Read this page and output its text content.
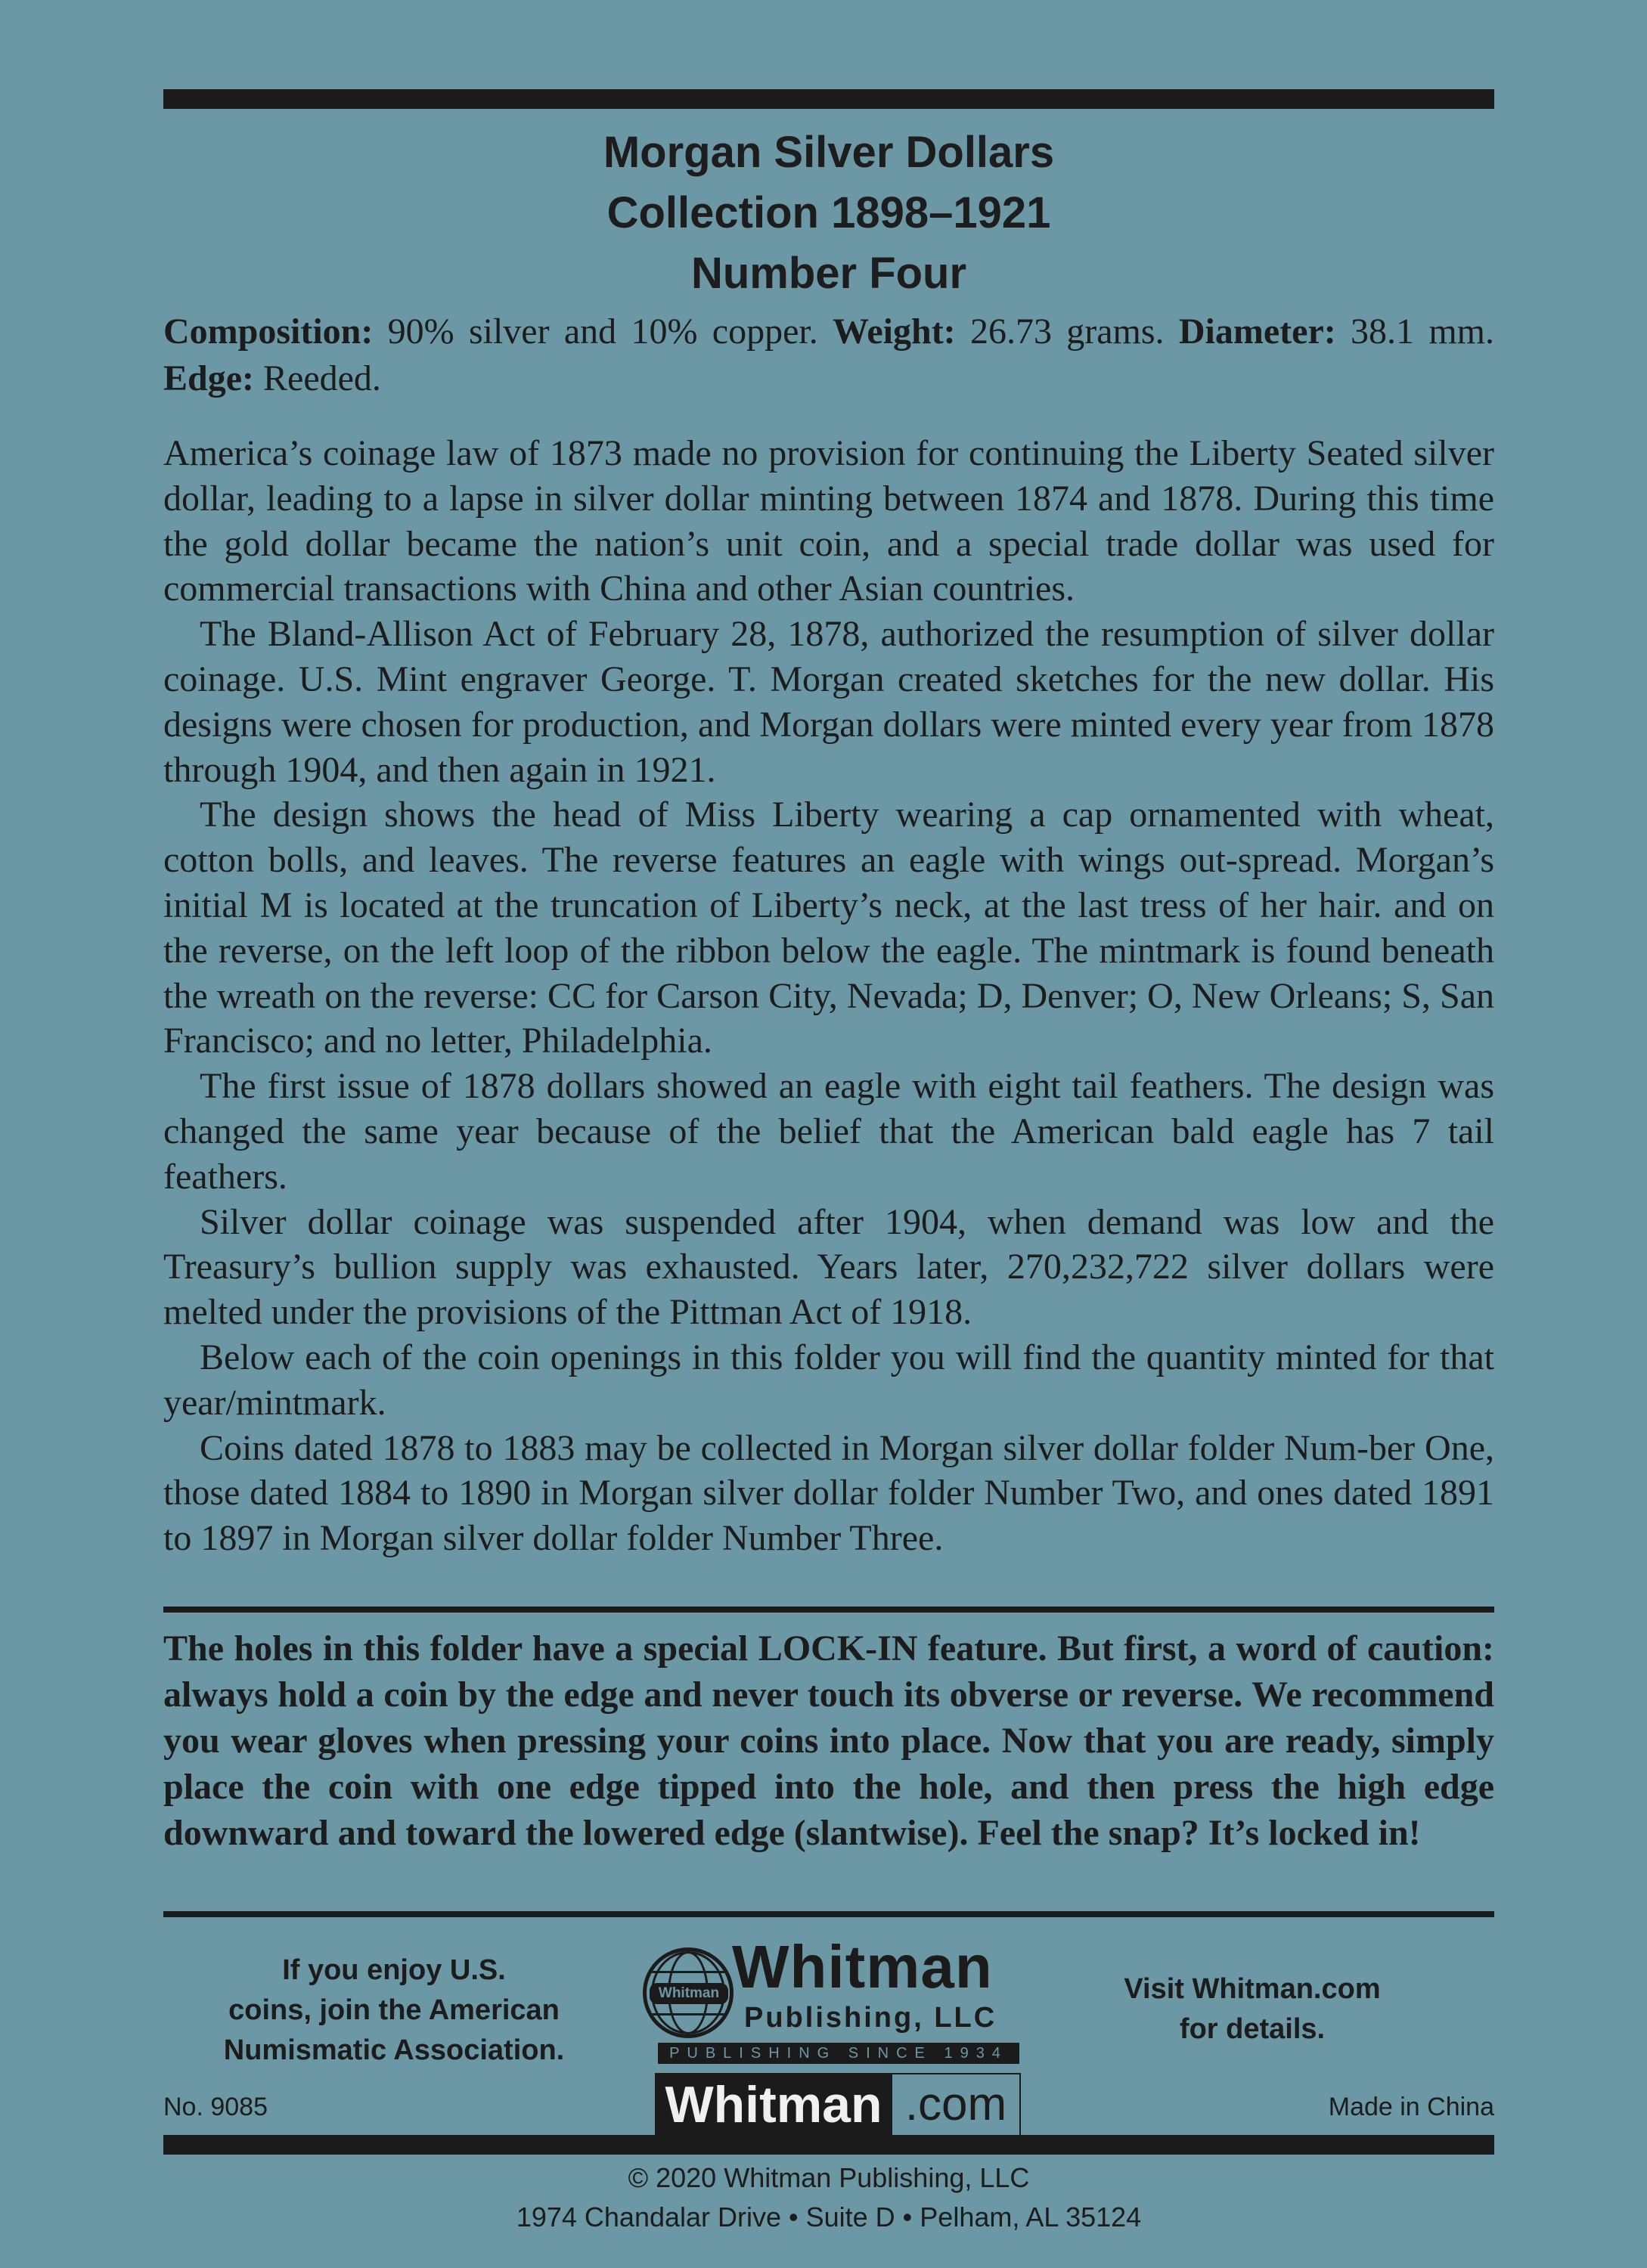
Morgan Silver Dollars
Collection 1898–1921
Number Four
Composition: 90% silver and 10% copper. Weight: 26.73 grams. Diameter: 38.1 mm. Edge: Reeded.

America’s coinage law of 1873 made no provision for continuing the Liberty Seated silver dollar, leading to a lapse in silver dollar minting between 1874 and 1878. During this time the gold dollar became the nation’s unit coin, and a special trade dollar was used for commercial transactions with China and other Asian countries.

The Bland-Allison Act of February 28, 1878, authorized the resumption of silver dollar coinage. U.S. Mint engraver George. T. Morgan created sketches for the new dollar. His designs were chosen for production, and Morgan dollars were minted every year from 1878 through 1904, and then again in 1921.

The design shows the head of Miss Liberty wearing a cap ornamented with wheat, cotton bolls, and leaves. The reverse features an eagle with wings out-spread. Morgan’s initial M is located at the truncation of Liberty’s neck, at the last tress of her hair. and on the reverse, on the left loop of the ribbon below the eagle. The mintmark is found beneath the wreath on the reverse: CC for Carson City, Nevada; D, Denver; O, New Orleans; S, San Francisco; and no letter, Philadelphia.

The first issue of 1878 dollars showed an eagle with eight tail feathers. The design was changed the same year because of the belief that the American bald eagle has 7 tail feathers.

Silver dollar coinage was suspended after 1904, when demand was low and the Treasury’s bullion supply was exhausted. Years later, 270,232,722 silver dollars were melted under the provisions of the Pittman Act of 1918.

Below each of the coin openings in this folder you will find the quantity minted for that year/mintmark.

Coins dated 1878 to 1883 may be collected in Morgan silver dollar folder Num-ber One, those dated 1884 to 1890 in Morgan silver dollar folder Number Two, and ones dated 1891 to 1897 in Morgan silver dollar folder Number Three.

The holes in this folder have a special LOCK-IN feature. But first, a word of caution: always hold a coin by the edge and never touch its obverse or reverse. We recommend you wear gloves when pressing your coins into place. Now that you are ready, simply place the coin with one edge tipped into the hole, and then press the high edge downward and toward the lowered edge (slantwise). Feel the snap? It’s locked in!
If you enjoy U.S.
coins, join the American
Numismatic Association.
Whitman Whitman
Publishing, LLC
PUBLISHING SINCE 1934
Whitman .com
Visit Whitman.com
for details.
No. 9085	Made in China
© 2020 Whitman Publishing, LLC
1974 Chandalar Drive • Suite D • Pelham, AL 35124
